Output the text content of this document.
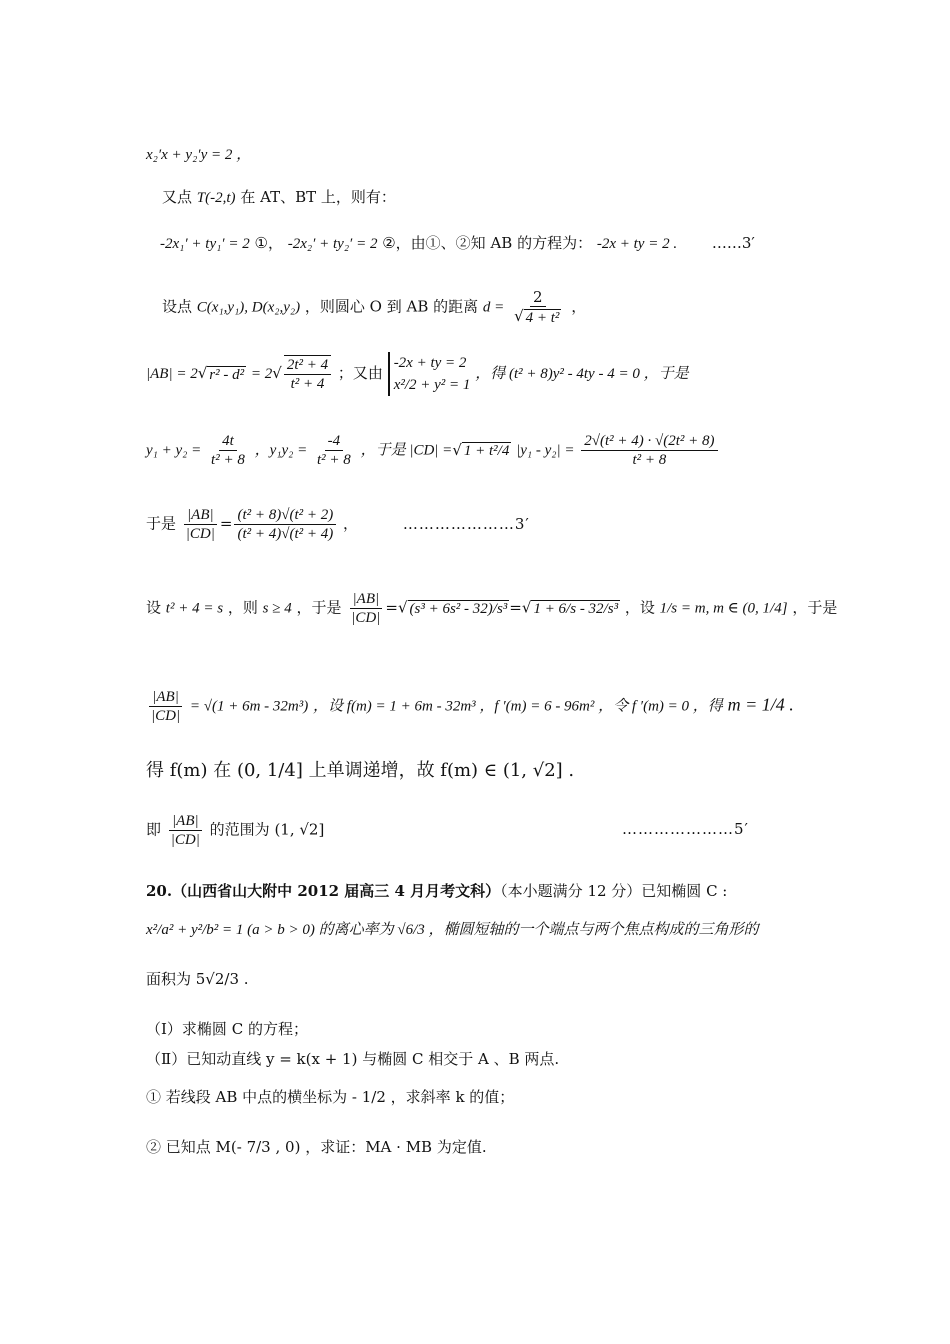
x₂′x + y₂′y = 2 ，
又点 T(-2,t) 在 AT、BT 上，则有：
-2x₁′ + ty₁′ = 2 ①， -2x₂′ + ty₂′ = 2 ②，由①、②知 AB 的方程为： -2x + ty = 2 . ……3′
设点 C(x₁,y₁), D(x₂,y₂) ，则圆心 O 到 AB 的距离 $d = \frac{2}{\text{√ 4 + t²}}$ ，
|AB| = 2√ $r^2 - d^2 = 2√ \frac{\text{2t² + 4}}{\text{t² + 4}}$ ；又由
-2x + ty = 2
x²/2 + y² = 1
，得 (t² + 8)y² - 4ty - 4 = 0 ，于是
$y_1 + y_2 = \frac{4t}{\text{t² + 8}}$ ，$y_1y_2 = \frac{-4}{\text{t² + 8}}$ ，于是 |CD| =√ 1 + t²/4 $|y_1 - y_2| = \frac{\text{2√(t² + 4) · √(2t² + 8)}}{\text{t² + 8}}$
于是 $\frac{|AB|}{|CD|} = \frac{\text{(t² + 8)√(t² + 2)}}{\text{(t² + 4)√(t² + 4)}}$ ，	…………………3′
设 t² + 4 = s ，则 s ≥ 4 ，于是 $\frac{|AB|}{|CD|}$ =√ (s³ + 6s² - 32)/s³ =√ 1 + 6/s - 32/s³ ，设 1/s = m, m ∈ (0, 1/4] ，于是
$\frac{|AB|}{|CD|} = √(1 + 6m - 32m^3)$ ，设 f(m) = 1 + 6m - 32m³ ，f ′(m) = 6 - 96m² ，令 f ′(m) = 0 ，得 m = 1/4 .
得 f(m) 在 (0, 1/4] 上单调递增，故 f(m) ∈ (1, √2] .
即 $\frac{|AB|}{|CD|}$ 的范围为 (1, √2]	…………………5′
20.（山西省山大附中 2012 届高三 4 月月考文科）（本小题满分 12 分）已知椭圆 C :
x²/a² + y²/b² = 1 (a > b > 0) 的离心率为 √6/3 ，椭圆短轴的一个端点与两个焦点构成的三角形的
面积为 5√2/3 .
（Ⅰ）求椭圆 C 的方程；
（Ⅱ）已知动直线 y = k(x + 1) 与椭圆 C 相交于 A 、B 两点.
① 若线段 AB 中点的横坐标为 - 1/2 ，求斜率 k 的值；
② 已知点 M(- 7/3 , 0) ，求证：MA · MB 为定值.
